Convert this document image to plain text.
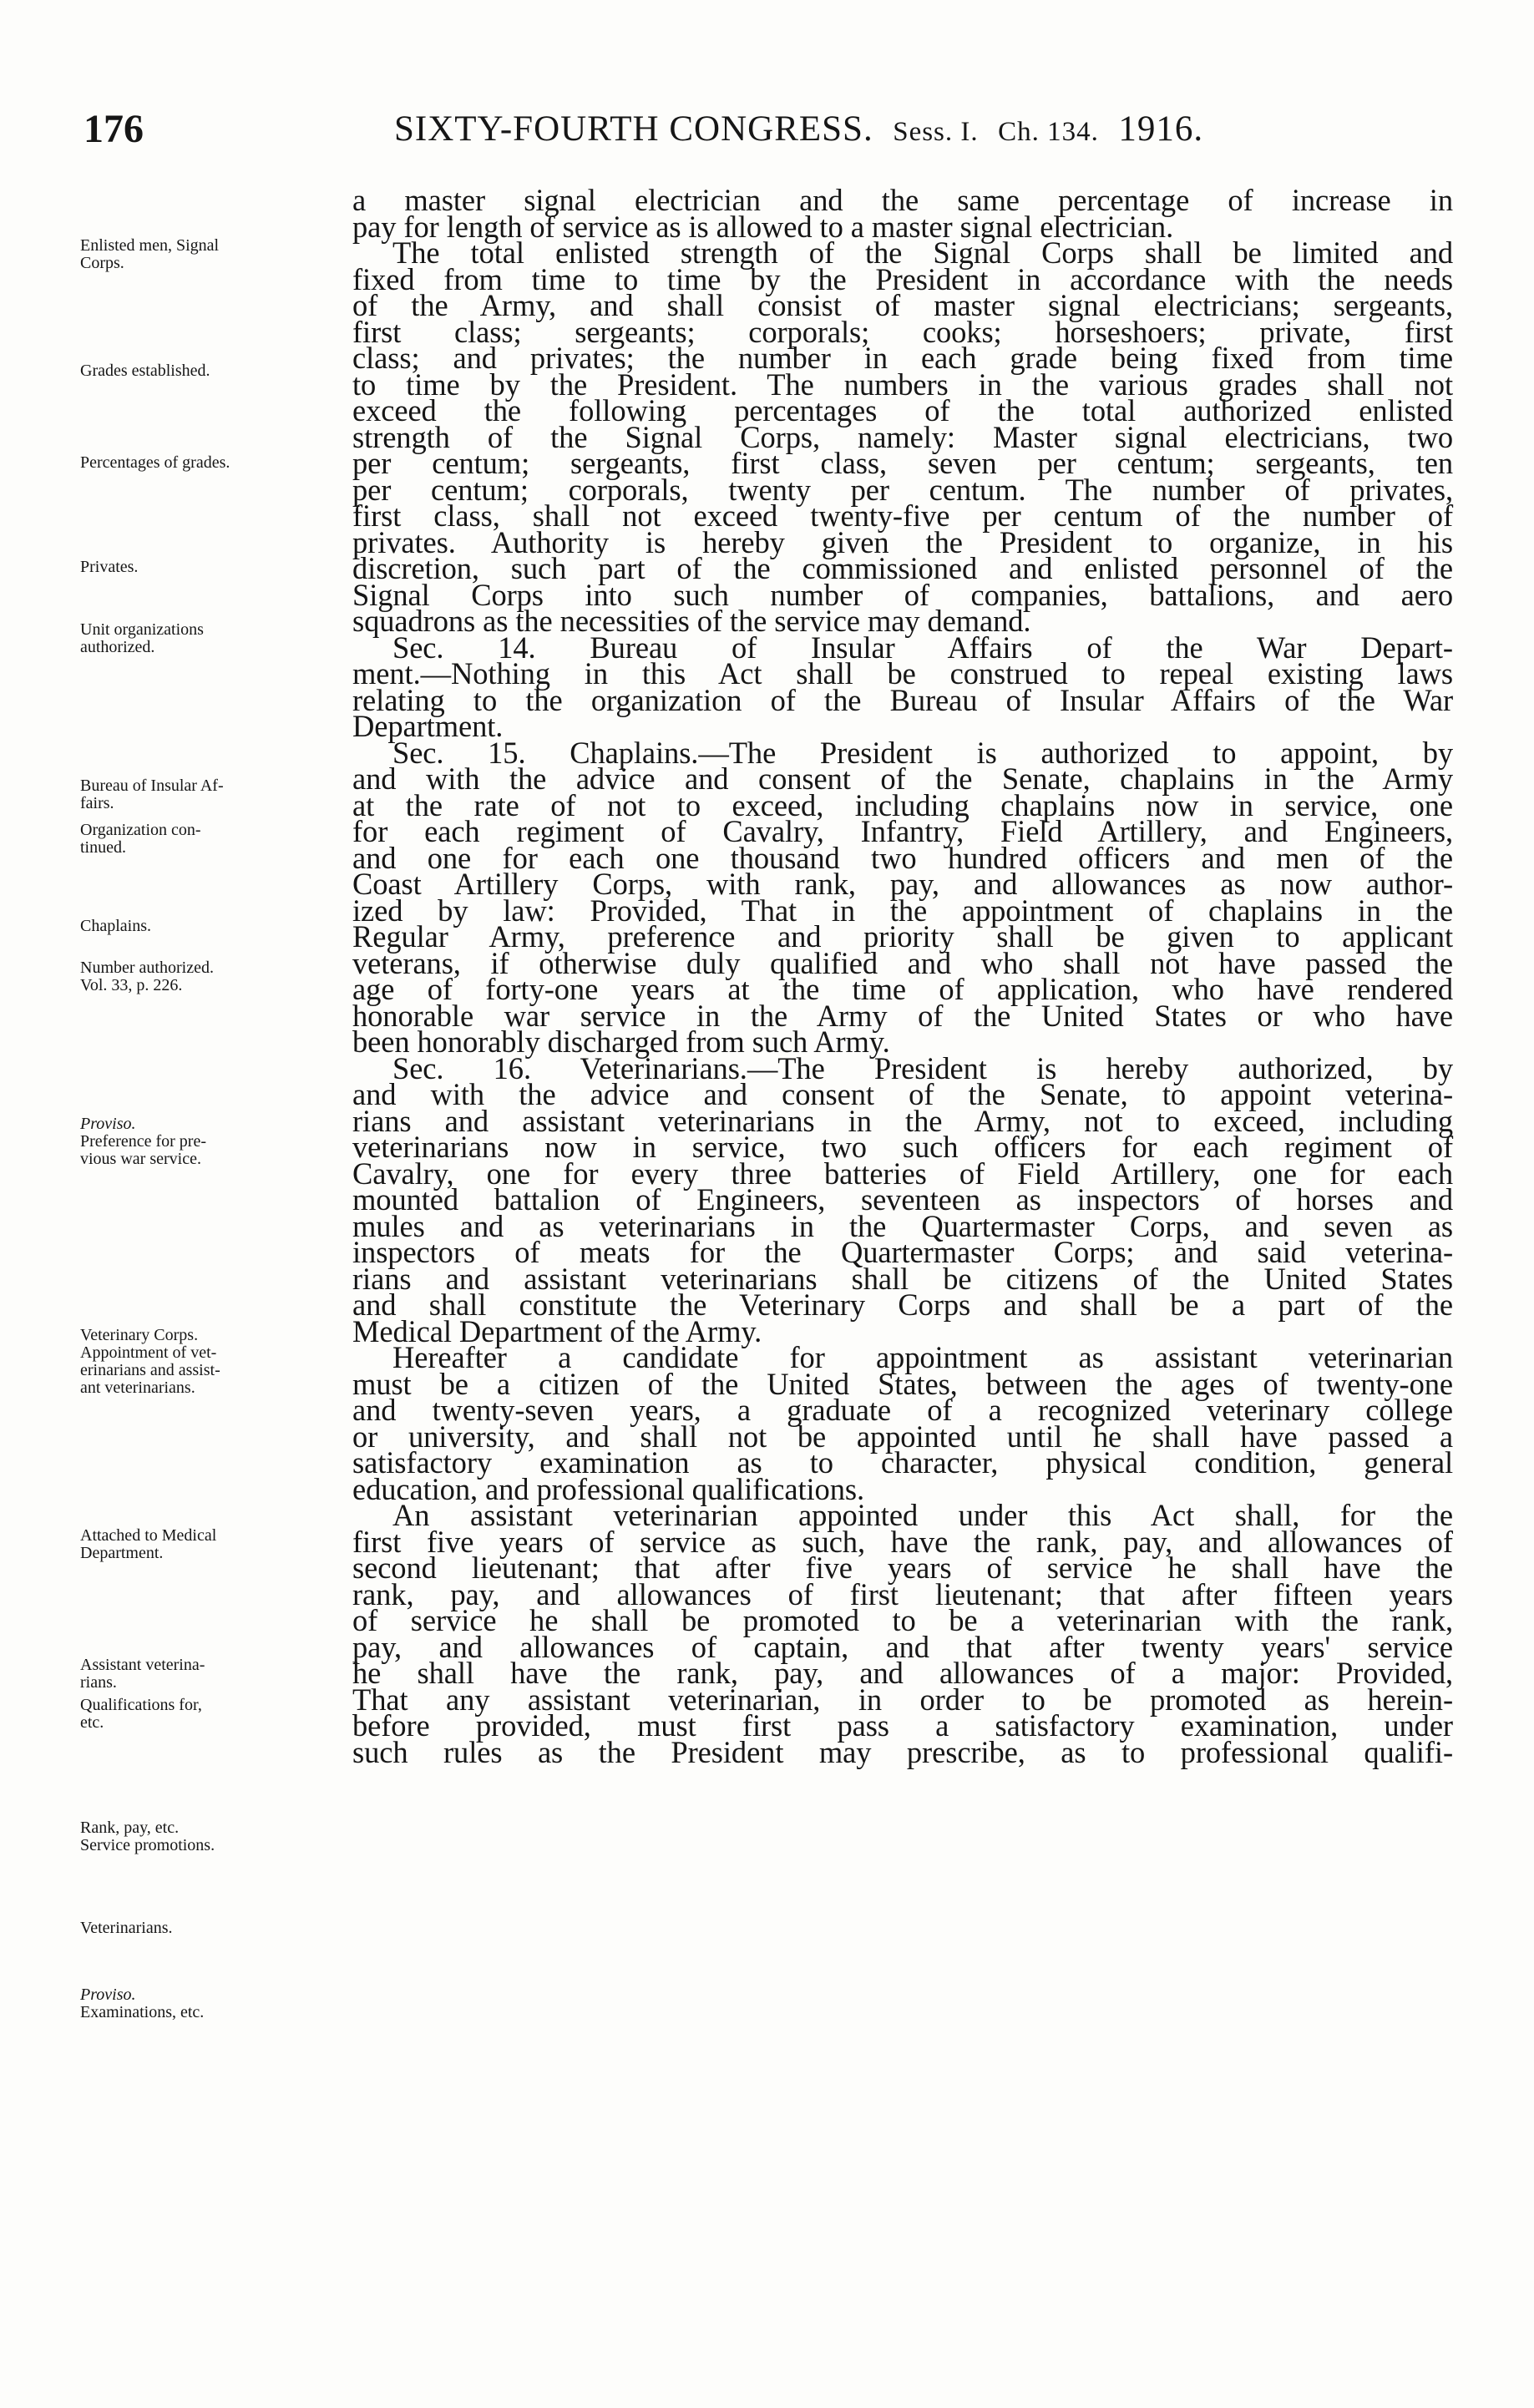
176	SIXTY-FOURTH CONGRESS. Sess. I. Ch. 134. 1916.
Enlisted men, Signal
Corps.
Grades established.
Percentages of grades.
Privates.
Unit organizations
authorized.
Bureau of Insular Af-
fairs.
Organization con-
tinued.
Chaplains.
Number authorized.
Vol. 33, p. 226.
Proviso.
Preference for pre-
vious war service.
Veterinary Corps.
Appointment of vet-
erinarians and assist-
ant veterinarians.
Attached to Medical
Department.
Assistant veterina-
rians.
Qualifications for,
etc.
Rank, pay, etc.
Service promotions.
Veterinarians.
Proviso.
Examinations, etc.
a master signal electrician and the same percentage of increase in
pay for length of service as is allowed to a master signal electrician.
The total enlisted strength of the Signal Corps shall be limited and
fixed from time to time by the President in accordance with the needs
of the Army, and shall consist of master signal electricians; sergeants,
first class; sergeants; corporals; cooks; horseshoers; private, first
class; and privates; the number in each grade being fixed from time
to time by the President. The numbers in the various grades shall not
exceed the following percentages of the total authorized enlisted
strength of the Signal Corps, namely: Master signal electricians, two
per centum; sergeants, first class, seven per centum; sergeants, ten
per centum; corporals, twenty per centum. The number of privates,
first class, shall not exceed twenty-five per centum of the number of
privates. Authority is hereby given the President to organize, in his
discretion, such part of the commissioned and enlisted personnel of the
Signal Corps into such number of companies, battalions, and aero
squadrons as the necessities of the service may demand.
Sec. 14. Bureau of Insular Affairs of the War Depart-
ment.—Nothing in this Act shall be construed to repeal existing laws
relating to the organization of the Bureau of Insular Affairs of the War
Department.
Sec. 15. Chaplains.—The President is authorized to appoint, by
and with the advice and consent of the Senate, chaplains in the Army
at the rate of not to exceed, including chaplains now in service, one
for each regiment of Cavalry, Infantry, Field Artillery, and Engineers,
and one for each one thousand two hundred officers and men of the
Coast Artillery Corps, with rank, pay, and allowances as now author-
ized by law: Provided, That in the appointment of chaplains in the
Regular Army, preference and priority shall be given to applicant
veterans, if otherwise duly qualified and who shall not have passed the
age of forty-one years at the time of application, who have rendered
honorable war service in the Army of the United States or who have
been honorably discharged from such Army.
Sec. 16. Veterinarians.—The President is hereby authorized, by
and with the advice and consent of the Senate, to appoint veterina-
rians and assistant veterinarians in the Army, not to exceed, including
veterinarians now in service, two such officers for each regiment of
Cavalry, one for every three batteries of Field Artillery, one for each
mounted battalion of Engineers, seventeen as inspectors of horses and
mules and as veterinarians in the Quartermaster Corps, and seven as
inspectors of meats for the Quartermaster Corps; and said veterina-
rians and assistant veterinarians shall be citizens of the United States
and shall constitute the Veterinary Corps and shall be a part of the
Medical Department of the Army.
Hereafter a candidate for appointment as assistant veterinarian
must be a citizen of the United States, between the ages of twenty-one
and twenty-seven years, a graduate of a recognized veterinary college
or university, and shall not be appointed until he shall have passed a
satisfactory examination as to character, physical condition, general
education, and professional qualifications.
An assistant veterinarian appointed under this Act shall, for the
first five years of service as such, have the rank, pay, and allowances of
second lieutenant; that after five years of service he shall have the
rank, pay, and allowances of first lieutenant; that after fifteen years
of service he shall be promoted to be a veterinarian with the rank,
pay, and allowances of captain, and that after twenty years' service
he shall have the rank, pay, and allowances of a major: Provided,
That any assistant veterinarian, in order to be promoted as herein-
before provided, must first pass a satisfactory examination, under
such rules as the President may prescribe, as to professional qualifi-
